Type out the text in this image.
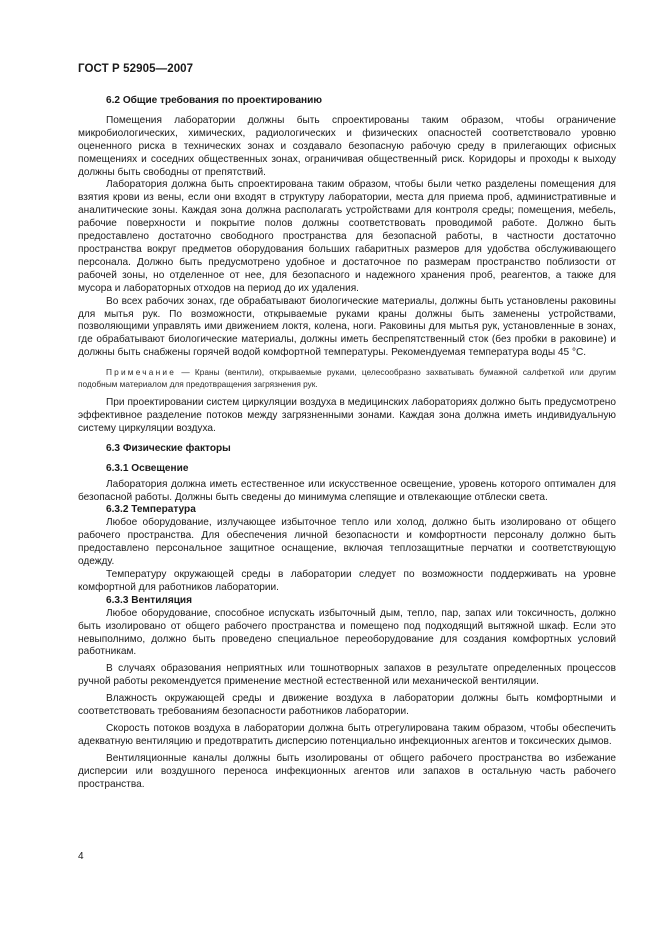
ГОСТ Р 52905—2007
6.2 Общие требования по проектированию

Помещения лаборатории должны быть спроектированы таким образом, чтобы ограничение микробиологических, химических, радиологических и физических опасностей соответствовало уровню оцененного риска в технических зонах и создавало безопасную рабочую среду в прилегающих офисных помещениях и соседних общественных зонах, ограничивая общественный риск. Коридоры и проходы к выходу должны быть свободны от препятствий.

Лаборатория должна быть спроектирована таким образом, чтобы были четко разделены помещения для взятия крови из вены, если они входят в структуру лаборатории, места для приема проб, административные и аналитические зоны. Каждая зона должна располагать устройствами для контроля среды; помещения, мебель, рабочие поверхности и покрытие полов должны соответствовать проводимой работе. Должно быть предоставлено достаточно свободного пространства для безопасной работы, в частности достаточно пространства вокруг предметов оборудования больших габаритных размеров для удобства обслуживающего персонала. Должно быть предусмотрено удобное и достаточное по размерам пространство поблизости от рабочей зоны, но отделенное от нее, для безопасного и надежного хранения проб, реагентов, а также для мусора и лабораторных отходов на период до их удаления.

Во всех рабочих зонах, где обрабатывают биологические материалы, должны быть установлены раковины для мытья рук. По возможности, открываемые руками краны должны быть заменены устройствами, позволяющими управлять ими движением локтя, колена, ноги. Раковины для мытья рук, установленные в зонах, где обрабатывают биологические материалы, должны иметь беспрепятственный сток (без пробки в раковине) и должны быть снабжены горячей водой комфортной температуры. Рекомендуемая температура воды 45 °C.

Примечание — Краны (вентили), открываемые руками, целесообразно захватывать бумажной салфеткой или другим подобным материалом для предотвращения загрязнения рук.

При проектировании систем циркуляции воздуха в медицинских лабораториях должно быть предусмотрено эффективное разделение потоков между загрязненными зонами. Каждая зона должна иметь индивидуальную систему циркуляции воздуха.

6.3 Физические факторы
6.3.1 Освещение

Лаборатория должна иметь естественное или искусственное освещение, уровень которого оптимален для безопасной работы. Должны быть сведены до минимума слепящие и отвлекающие отблески света.

6.3.2 Температура

Любое оборудование, излучающее избыточное тепло или холод, должно быть изолировано от общего рабочего пространства. Для обеспечения личной безопасности и комфортности персоналу должно быть предоставлено персональное защитное оснащение, включая теплозащитные перчатки и соответствующую одежду.

Температуру окружающей среды в лаборатории следует по возможности поддерживать на уровне комфортной для работников лаборатории.

6.3.3 Вентиляция

Любое оборудование, способное испускать избыточный дым, тепло, пар, запах или токсичность, должно быть изолировано от общего рабочего пространства и помещено под подходящий вытяжной шкаф. Если это невыполнимо, должно быть проведено специальное переоборудование для создания комфортных условий работникам.

В случаях образования неприятных или тошнотворных запахов в результате определенных процессов ручной работы рекомендуется применение местной естественной или механической вентиляции.

Влажность окружающей среды и движение воздуха в лаборатории должны быть комфортными и соответствовать требованиям безопасности работников лаборатории.

Скорость потоков воздуха в лаборатории должна быть отрегулирована таким образом, чтобы обеспечить адекватную вентиляцию и предотвратить дисперсию потенциально инфекционных агентов и токсических дымов.

Вентиляционные каналы должны быть изолированы от общего рабочего пространства во избежание дисперсии или воздушного переноса инфекционных агентов или запахов в остальную часть рабочего пространства.

4
